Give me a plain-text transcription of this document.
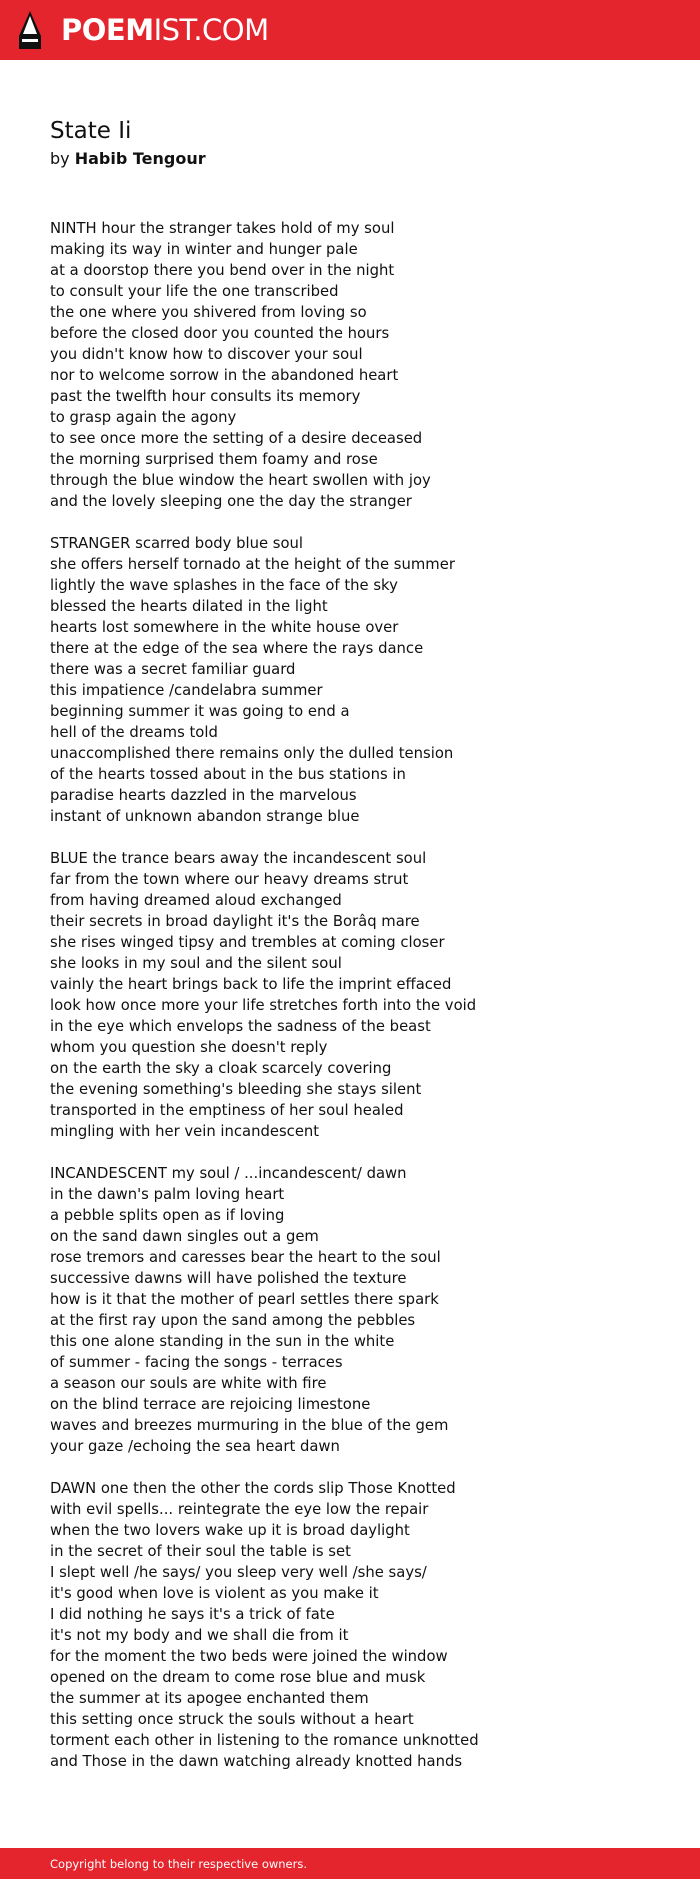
POEMIST.COM
State Ii
by Habib Tengour
NINTH hour the stranger takes hold of my soul
making its way in winter and hunger pale
at a doorstop there you bend over in the night
to consult your life the one transcribed
the one where you shivered from loving so
before the closed door you counted the hours
you didn't know how to discover your soul
nor to welcome sorrow in the abandoned heart
past the twelfth hour consults its memory
to grasp again the agony
to see once more the setting of a desire deceased
the morning surprised them foamy and rose
through the blue window the heart swollen with joy
and the lovely sleeping one the day the stranger
STRANGER scarred body blue soul
she offers herself tornado at the height of the summer
lightly the wave splashes in the face of the sky
blessed the hearts dilated in the light
hearts lost somewhere in the white house over
there at the edge of the sea where the rays dance
there was a secret familiar guard
this impatience /candelabra summer
beginning summer it was going to end a
hell of the dreams told
unaccomplished there remains only the dulled tension
of the hearts tossed about in the bus stations in
paradise hearts dazzled in the marvelous
instant of unknown abandon strange blue
BLUE the trance bears away the incandescent soul
far from the town where our heavy dreams strut
from having dreamed aloud exchanged
their secrets in broad daylight it's the Borâq mare
she rises winged tipsy and trembles at coming closer
she looks in my soul and the silent soul
vainly the heart brings back to life the imprint effaced
look how once more your life stretches forth into the void
in the eye which envelops the sadness of the beast
whom you question she doesn't reply
on the earth the sky a cloak scarcely covering
the evening something's bleeding she stays silent
transported in the emptiness of her soul healed
mingling with her vein incandescent
INCANDESCENT my soul / ...incandescent/ dawn
in the dawn's palm loving heart
a pebble splits open as if loving
on the sand dawn singles out a gem
rose tremors and caresses bear the heart to the soul
successive dawns will have polished the texture
how is it that the mother of pearl settles there spark
at the first ray upon the sand among the pebbles
this one alone standing in the sun in the white
of summer - facing the songs - terraces
a season our souls are white with fire
on the blind terrace are rejoicing limestone
waves and breezes murmuring in the blue of the gem
your gaze /echoing the sea heart dawn
DAWN one then the other the cords slip Those Knotted
with evil spells... reintegrate the eye low the repair
when the two lovers wake up it is broad daylight
in the secret of their soul the table is set
I slept well /he says/ you sleep very well /she says/
it's good when love is violent as you make it
I did nothing he says it's a trick of fate
it's not my body and we shall die from it
for the moment the two beds were joined the window
opened on the dream to come rose blue and musk
the summer at its apogee enchanted them
this setting once struck the souls without a heart
torment each other in listening to the romance unknotted
and Those in the dawn watching already knotted hands
Copyright belong to their respective owners.
